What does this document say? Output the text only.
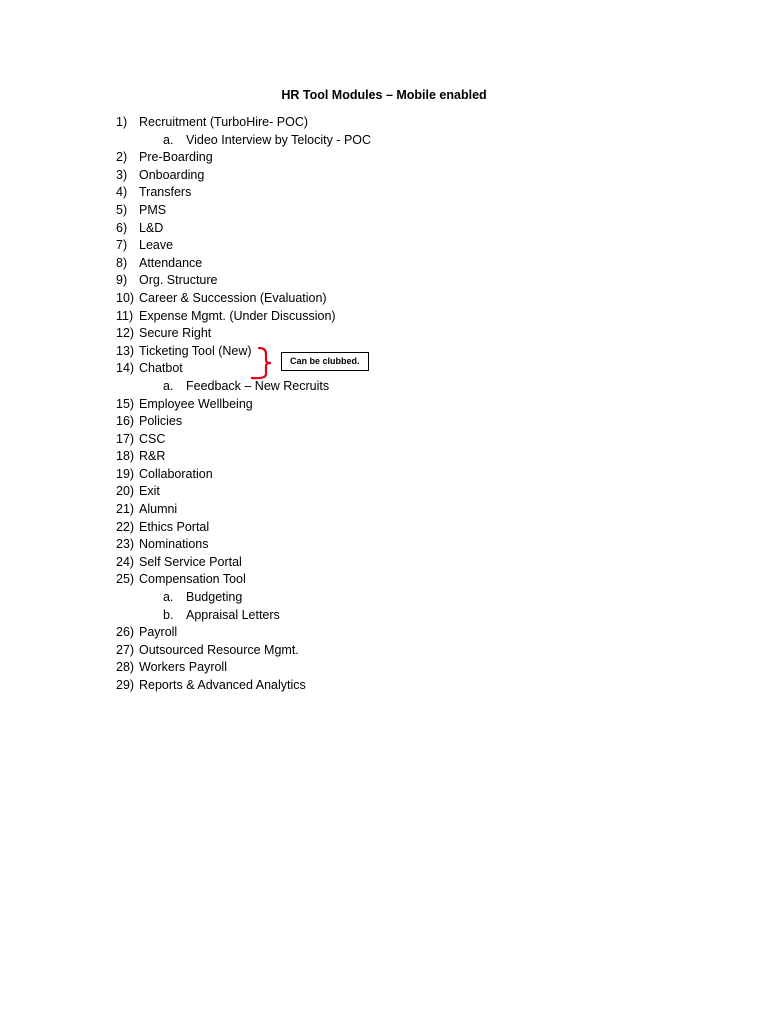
HR Tool Modules – Mobile enabled
1) Recruitment (TurboHire- POC)
a. Video Interview by Telocity - POC
2) Pre-Boarding
3) Onboarding
4) Transfers
5) PMS
6) L&D
7) Leave
8) Attendance
9) Org. Structure
10) Career & Succession (Evaluation)
11) Expense Mgmt. (Under Discussion)
12) Secure Right
13) Ticketing Tool (New)
14) Chatbot
a. Feedback – New Recruits
15) Employee Wellbeing
16) Policies
17) CSC
18) R&R
19) Collaboration
20) Exit
21) Alumni
22) Ethics Portal
23) Nominations
24) Self Service Portal
25) Compensation Tool
a. Budgeting
b. Appraisal Letters
26) Payroll
27) Outsourced Resource Mgmt.
28) Workers Payroll
29) Reports & Advanced Analytics
Can be clubbed.
